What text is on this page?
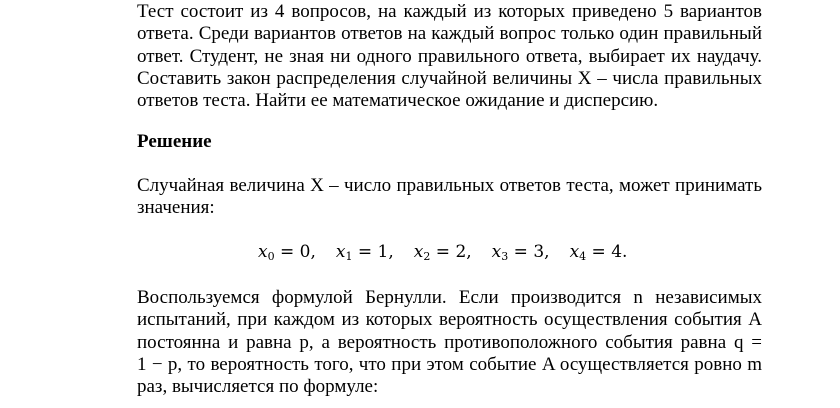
Тест состоит из 4 вопросов, на каждый из которых приведено 5 вариантов
ответа. Среди вариантов ответов на каждый вопрос только один правильный
ответ. Студент, не зная ни одного правильного ответа, выбирает их наудачу.
Составить закон распределения случайной величины X – числа правильных
ответов теста. Найти ее математическое ожидание и дисперсию.
Решение
Случайная величина X – число правильных ответов теста, может принимать
значения:
Воспользуемся формулой Бернулли. Если производится n независимых
испытаний, при каждом из которых вероятность осуществления события A
постоянна и равна p, а вероятность противоположного события равна q =
1 − p, то вероятность того, что при этом событие A осуществляется ровно m
раз, вычисляется по формуле:
$x_0 = 0$, $x_1 = 1$, $x_2 = 2$, $x_3 = 3$, $x_4 = 4$.
